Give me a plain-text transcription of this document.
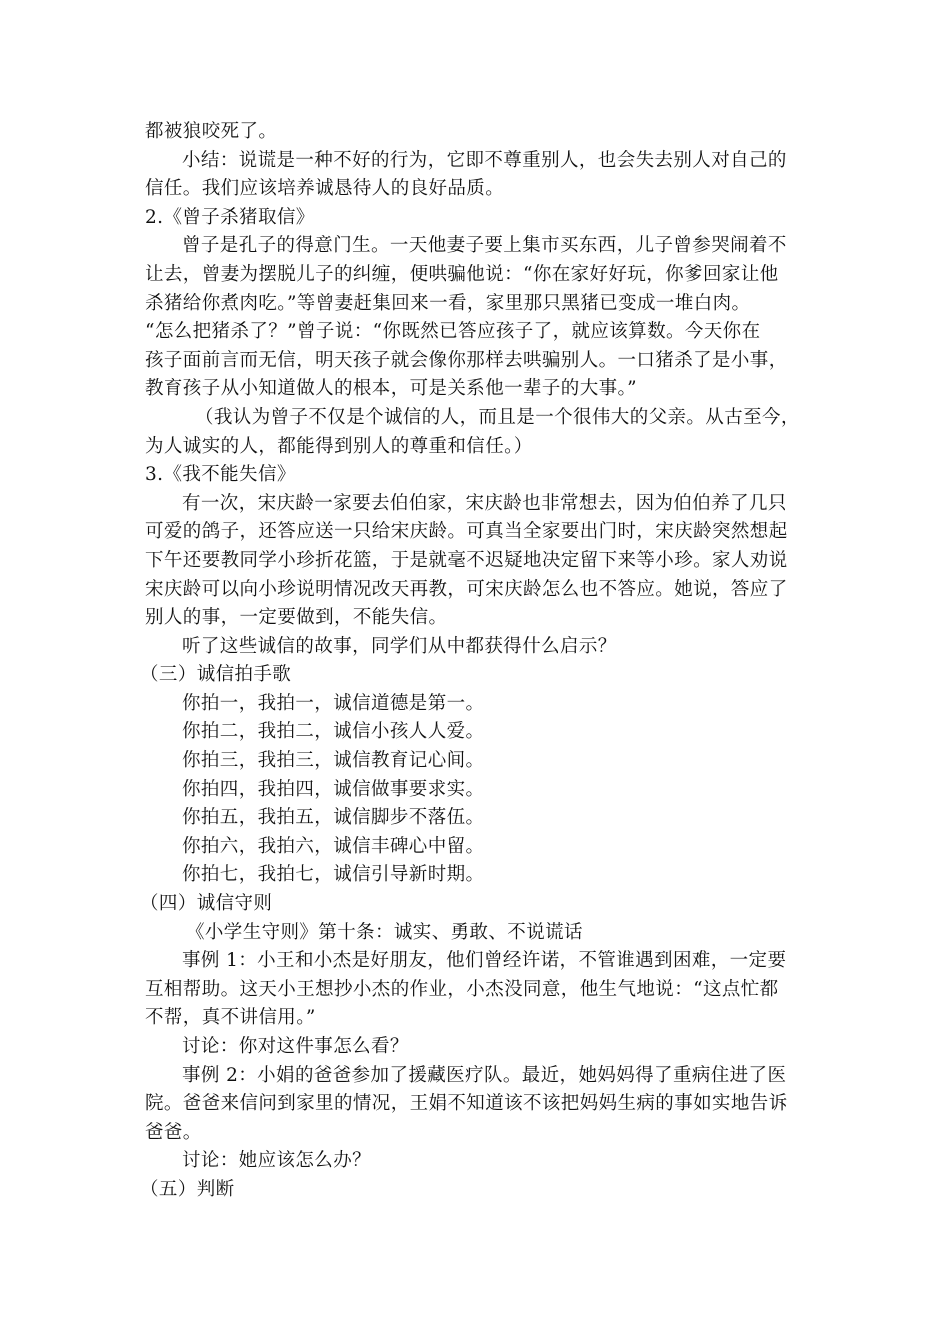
都被狼咬死了。
小结：说谎是一种不好的行为，它即不尊重别人，也会失去别人对自己的
信任。我们应该培养诚恳待人的良好品质。
2.《曾子杀猪取信》
曾子是孔子的得意门生。一天他妻子要上集市买东西，儿子曾参哭闹着不
让去，曾妻为摆脱儿子的纠缠，便哄骗他说：“你在家好好玩，你爹回家让他
杀猪给你煮肉吃。”等曾妻赶集回来一看，家里那只黑猪已变成一堆白肉。
“怎么把猪杀了？”曾子说：“你既然已答应孩子了，就应该算数。今天你在
孩子面前言而无信，明天孩子就会像你那样去哄骗别人。一口猪杀了是小事，
教育孩子从小知道做人的根本，可是关系他一辈子的大事。”
（我认为曾子不仅是个诚信的人，而且是一个很伟大的父亲。从古至今，
为人诚实的人，都能得到别人的尊重和信任。）
3.《我不能失信》
有一次，宋庆龄一家要去伯伯家，宋庆龄也非常想去，因为伯伯养了几只
可爱的鸽子，还答应送一只给宋庆龄。可真当全家要出门时，宋庆龄突然想起
下午还要教同学小珍折花篮，于是就毫不迟疑地决定留下来等小珍。家人劝说
宋庆龄可以向小珍说明情况改天再教，可宋庆龄怎么也不答应。她说，答应了
别人的事，一定要做到，不能失信。
听了这些诚信的故事，同学们从中都获得什么启示？
（三）诚信拍手歌
你拍一，我拍一，诚信道德是第一。
你拍二，我拍二，诚信小孩人人爱。
你拍三，我拍三，诚信教育记心间。
你拍四，我拍四，诚信做事要求实。
你拍五，我拍五，诚信脚步不落伍。
你拍六，我拍六，诚信丰碑心中留。
你拍七，我拍七，诚信引导新时期。
（四）诚信守则
《小学生守则》第十条：诚实、勇敢、不说谎话
事例 1：小王和小杰是好朋友，他们曾经许诺，不管谁遇到困难，一定要
互相帮助。这天小王想抄小杰的作业，小杰没同意，他生气地说：“这点忙都
不帮，真不讲信用。”
讨论：你对这件事怎么看？
事例 2：小娟的爸爸参加了援藏医疗队。最近，她妈妈得了重病住进了医
院。爸爸来信问到家里的情况，王娟不知道该不该把妈妈生病的事如实地告诉
爸爸。
讨论：她应该怎么办？
（五）判断
